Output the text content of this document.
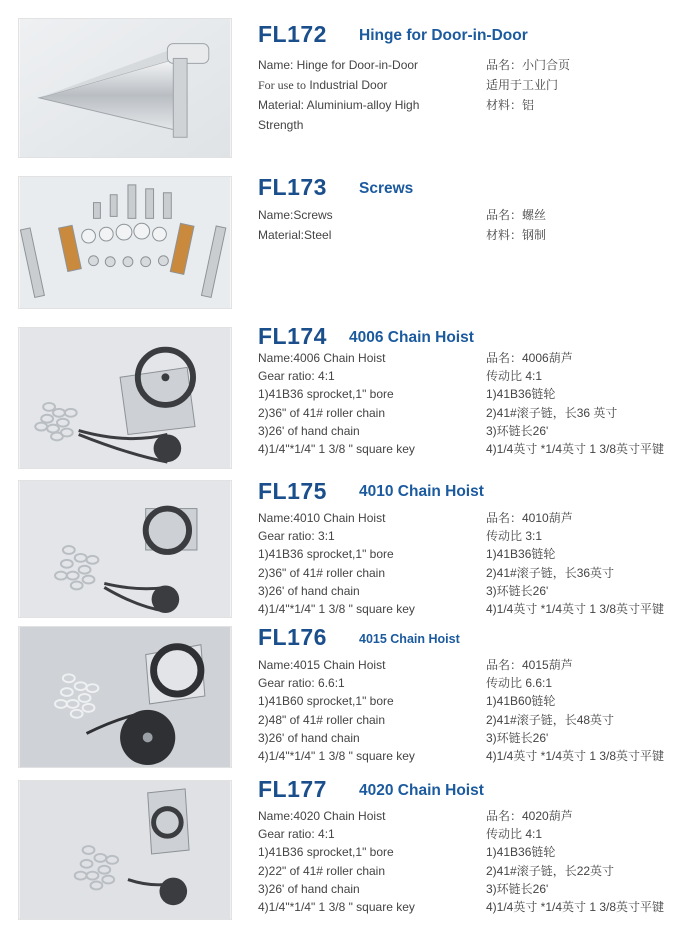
FL172 Hinge for Door-in-Door
Name: Hinge for Door-in-Door
For use to Industrial Door
Material: Aluminium-alloy High Strength
品名：小门合页
适用于工业门
材料：铝
FL173 Screws
Name:Screws
Material:Steel
品名：螺丝
材料：钢制
FL174 4006 Chain Hoist
Name:4006 Chain Hoist
Gear ratio: 4:1
1)41B36 sprocket,1" bore
2)36" of 41# roller chain
3)26' of hand chain
4)1/4"*1/4" 1 3/8 " square key
品名：4006葫芦
传动比 4:1
1)41B36链轮
2)41#滚子链，长36 英寸
3)环链长26'
4)1/4英寸 *1/4英寸 1 3/8英寸平键
FL175 4010 Chain Hoist
Name:4010 Chain Hoist
Gear ratio: 3:1
1)41B36 sprocket,1" bore
2)36" of 41# roller chain
3)26' of hand chain
4)1/4"*1/4" 1 3/8 " square key
品名：4010葫芦
传动比 3:1
1)41B36链轮
2)41#滚子链，长36英寸
3)环链长26'
4)1/4英寸 *1/4英寸 1 3/8英寸平键
FL176	4015 Chain Hoist
Name:4015 Chain Hoist
Gear ratio: 6.6:1
1)41B60 sprocket,1" bore
2)48" of 41# roller chain
3)26' of hand chain
4)1/4"*1/4" 1 3/8 " square key
品名：4015葫芦
传动比 6.6:1
1)41B60链轮
2)41#滚子链，长48英寸
3)环链长26'
4)1/4英寸 *1/4英寸 1 3/8英寸平键
FL177 4020 Chain Hoist
Name:4020 Chain Hoist
Gear ratio: 4:1
1)41B36 sprocket,1" bore
2)22" of 41# roller chain
3)26' of hand chain
4)1/4"*1/4" 1 3/8 " square key
品名：4020葫芦
传动比 4:1
1)41B36链轮
2)41#滚子链，长22英寸
3)环链长26'
4)1/4英寸 *1/4英寸 1 3/8英寸平键
